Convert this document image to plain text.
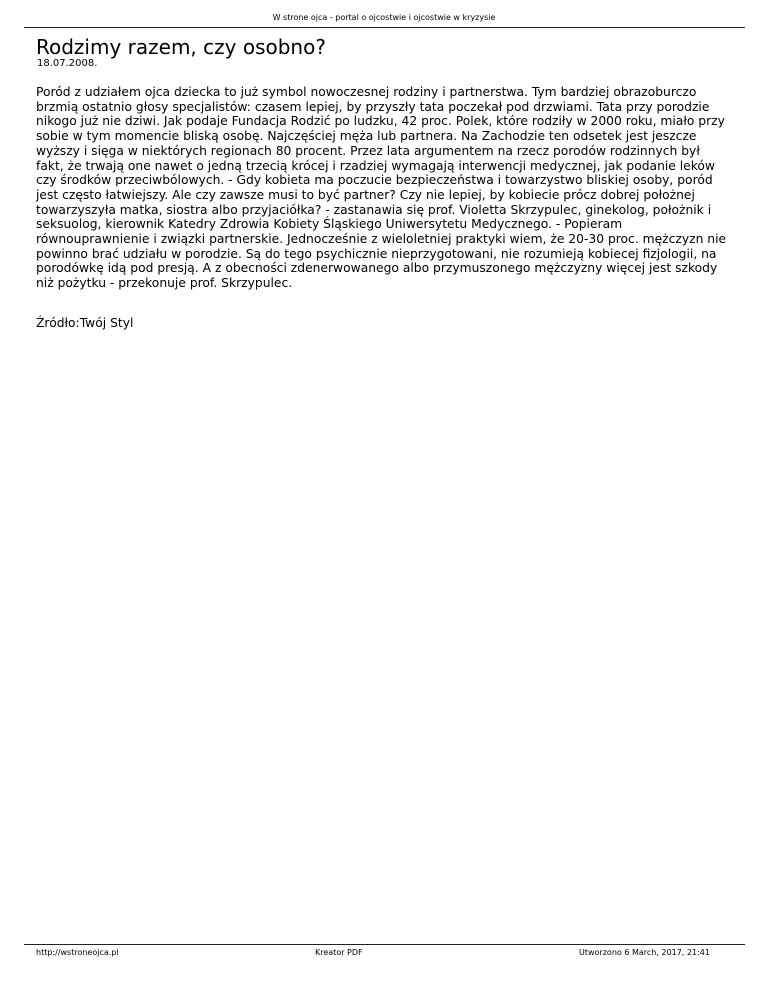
W strone ojca - portal o ojcostwie i ojcostwie w kryzysie
Rodzimy razem, czy osobno?
18.07.2008.

Poród z udziałem ojca dziecka to już symbol nowoczesnej rodziny i partnerstwa. Tym bardziej obrazoburczo brzmią ostatnio głosy specjalistów: czasem lepiej, by przyszły tata poczekał pod drzwiami. Tata przy porodzie nikogo już nie dziwi. Jak podaje Fundacja Rodzić po ludzku, 42 proc. Polek, które rodziły w 2000 roku, miało przy sobie w tym momencie bliską osobę. Najczęściej męża lub partnera. Na Zachodzie ten odsetek jest jeszcze wyższy i sięga w niektórych regionach 80 procent. Przez lata argumentem na rzecz porodów rodzinnych był fakt, że trwają one nawet o jedną trzecią krócej i rzadziej wymagają interwencji medycznej, jak podanie leków czy środków przeciwbólowych. - Gdy kobieta ma poczucie bezpieczeństwa i towarzystwo bliskiej osoby, poród jest często łatwiejszy. Ale czy zawsze musi to być partner? Czy nie lepiej, by kobiecie prócz dobrej położnej towarzyszyła matka, siostra albo przyjaciółka? - zastanawia się prof. Violetta Skrzypulec, ginekolog, położnik i seksuolog, kierownik Katedry Zdrowia Kobiety Śląskiego Uniwersytetu Medycznego. - Popieram równouprawnienie i związki partnerskie. Jednocześnie z wieloletniej praktyki wiem, że 20-30 proc. mężczyzn nie powinno brać udziału w porodzie. Są do tego psychicznie nieprzygotowani, nie rozumieją kobiecej fizjologii, na porodówkę idą pod presją. A z obecności zdenerwowanego albo przymuszonego mężczyzny więcej jest szkody niż pożytku - przekonuje prof. Skrzypulec.

Źródło:Twój Styl
http://wstroneojca.pl	Kreator PDF	Utworzono 6 March, 2017, 21:41
